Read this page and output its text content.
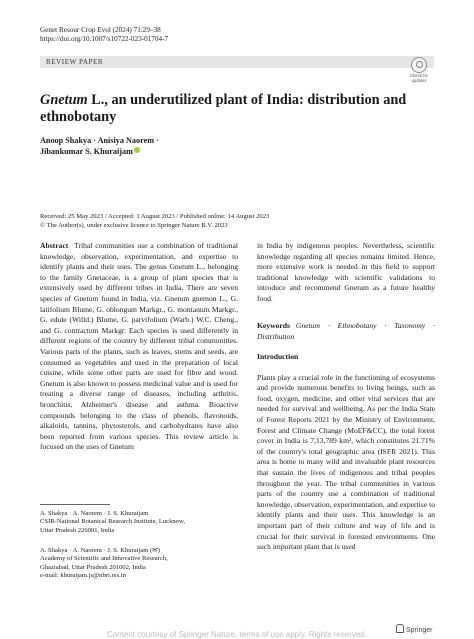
Genet Resour Crop Evol (2024) 71:29–38
https://doi.org/10.1007/s10722-023-01704-7
REVIEW PAPER
Check for updates
Gnetum L., an underutilized plant of India: distribution and ethnobotany
Anoop Shakya · Anisiya Naorem ·
Jibankumar S. Khuraijam
Received: 25 May 2023 / Accepted: 1 August 2023 / Published online: 14 August 2023
© The Author(s), under exclusive licence to Springer Nature B.V. 2023

Abstract Tribal communities use a combination of traditional knowledge, observation, experimentation, and expertise to identify plants and their uses. The genus Gnetum L., belonging to the family Gnetaceae, is a group of plant species that is extensively used by different tribes in India. There are seven species of Gnetum found in India, viz. Gnetum gnemon L., G. latifolium Blume, G. oblongum Markgr., G. montanum Markgr., G. edule (Willd.) Blume, G. parvifolium (Warb.) W.C. Cheng., and G. contractum Markgr. Each species is used differently in different regions of the country by different tribal communities. Various parts of the plants, such as leaves, stems and seeds, are consumed as vegetables and used in the preparation of local cuisine, while some other parts are used for fibre and wood. Gnetum is also known to possess medicinal value and is used for treating a diverse range of diseases, including arthritis, bronchitis, Alzheimer's disease and asthma. Bioactive compounds belonging to the class of phenols, flavonoids, alkaloids, tannins, phytosterols, and carbohydrates have also been reported from various species. This review article is focused on the uses of Gnetum

in India by indigenous peoples. Nevertheless, scientific knowledge regarding all species remains limited. Hence, more extensive work is needed in this field to support traditional knowledge with scientific validations to introduce and recommend Gnetum as a future healthy food.

Keywords Gnetum · Ethnobotany · Taxonomy · Distribution

Introduction

Plants play a crucial role in the functioning of ecosystems and provide numerous benefits to living beings, such as food, oxygen, medicine, and other vital services that are needed for survival and wellbeing. As per the India State of Forest Reports 2021 by the Ministry of Environment, Forest and Climate Change (MoEF&CC), the total forest cover in India is 7,13,789 km², which constitutes 21.71% of the country's total geographic area (ISFR 2021). This area is home to many wild and invaluable plant resources that sustain the lives of indigenous and tribal peoples throughout the year. The tribal communities in various parts of the country use a combination of traditional knowledge, observation, experimentation, and expertise to identify plants and their uses. This knowledge is an important part of their culture and way of life and is crucial for their survival in forested environments. One such important plant that is used

A. Shakya · A. Naorem · J. S. Khuraijam
CSIR-National Botanical Research Institute, Lucknow,
Uttar Pradesh 226001, India
A. Shakya · A. Naorem · J. S. Khuraijam (✉)
Academy of Scientific and Innovative Research,
Ghaziabad, Uttar Pradesh 201002, India
e-mail: khuraijam.js@nbri.res.in
Springer
Content courtesy of Springer Nature, terms of use apply. Rights reserved.
